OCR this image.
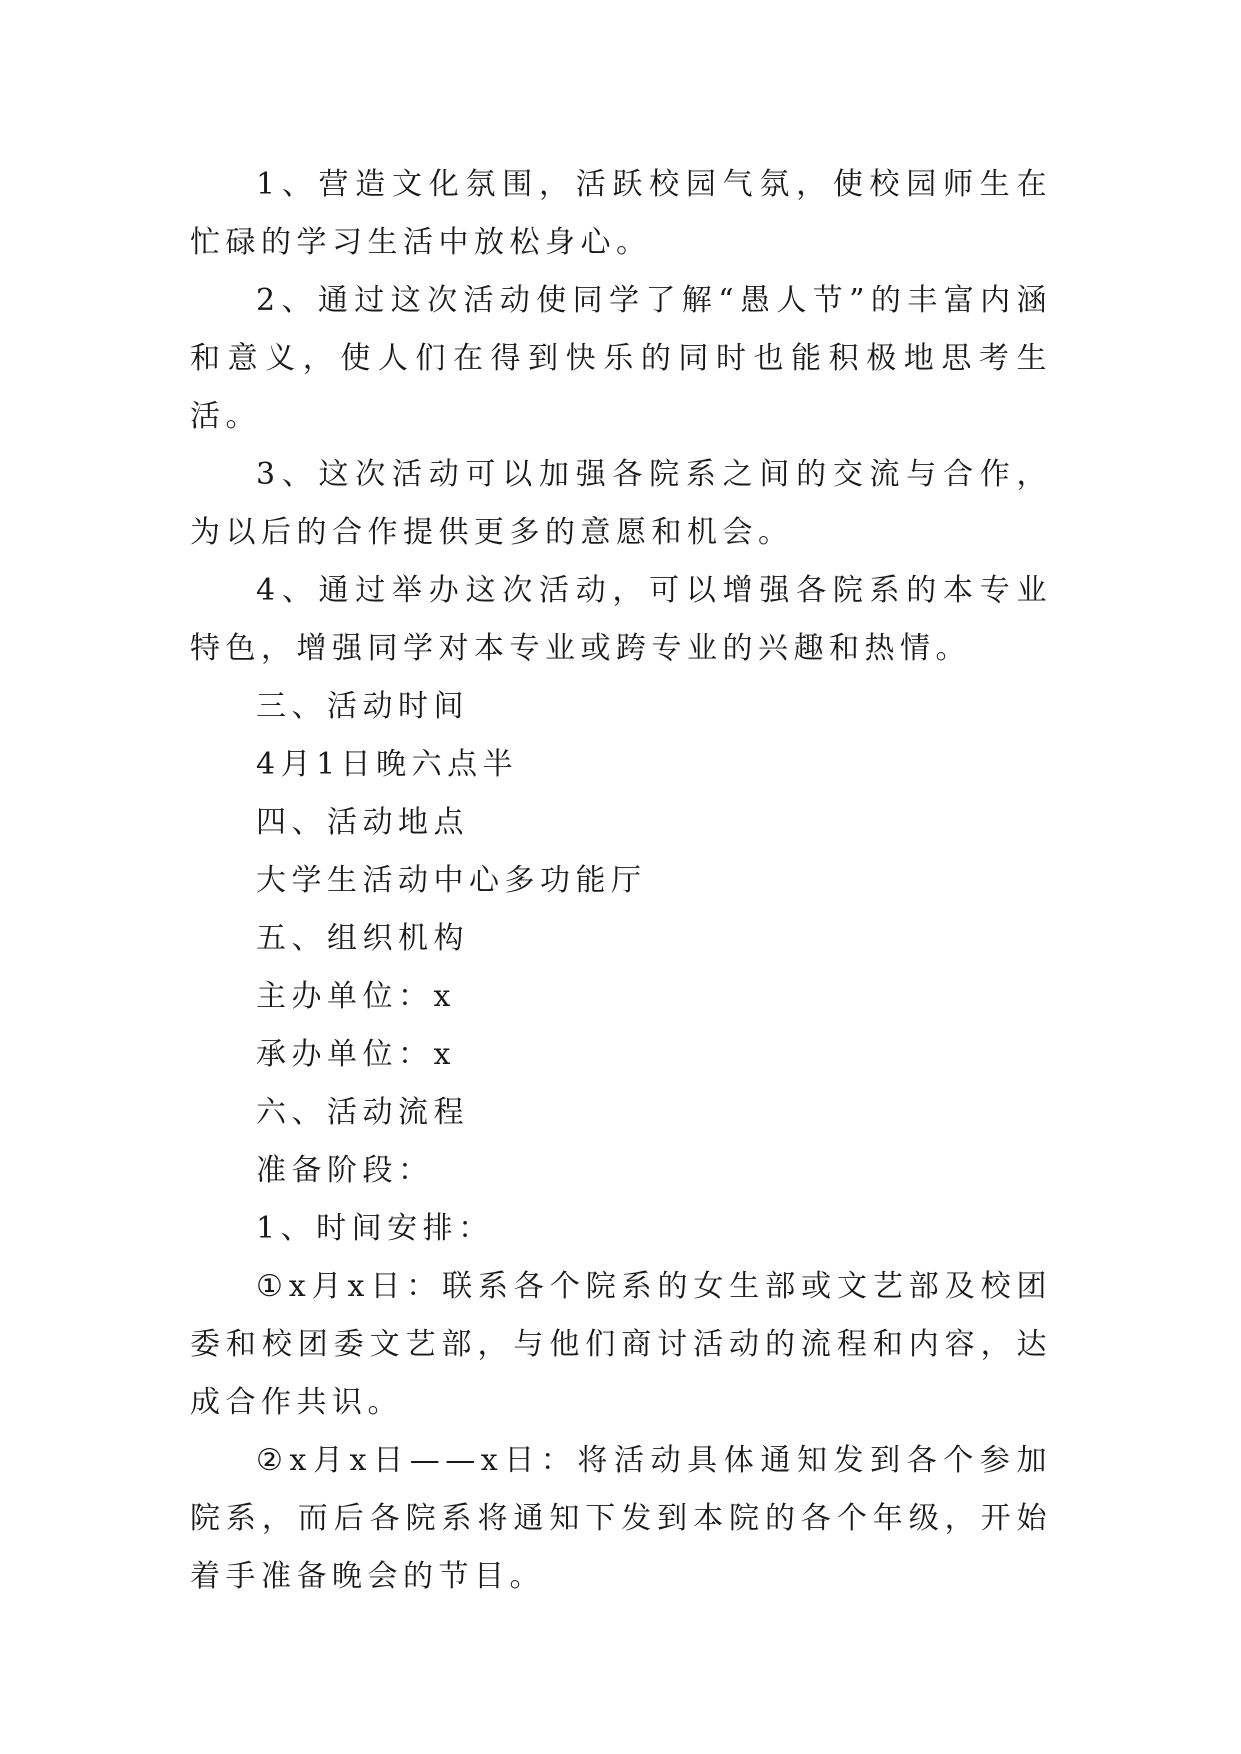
1、营造文化氛围，活跃校园气氛，使校园师生在忙碌的学习生活中放松身心。

2、通过这次活动使同学了解“愚人节”的丰富内涵和意义，使人们在得到快乐的同时也能积极地思考生活。

3、这次活动可以加强各院系之间的交流与合作，为以后的合作提供更多的意愿和机会。

4、通过举办这次活动，可以增强各院系的本专业特色，增强同学对本专业或跨专业的兴趣和热情。

三、活动时间

4月1日晚六点半

四、活动地点

大学生活动中心多功能厅

五、组织机构

主办单位：x

承办单位：x

六、活动流程

准备阶段：

1、时间安排：

①x月x日：联系各个院系的女生部或文艺部及校团委和校团委文艺部，与他们商讨活动的流程和内容，达成合作共识。

②x月x日——x日：将活动具体通知发到各个参加院系，而后各院系将通知下发到本院的各个年级，开始着手准备晚会的节目。
